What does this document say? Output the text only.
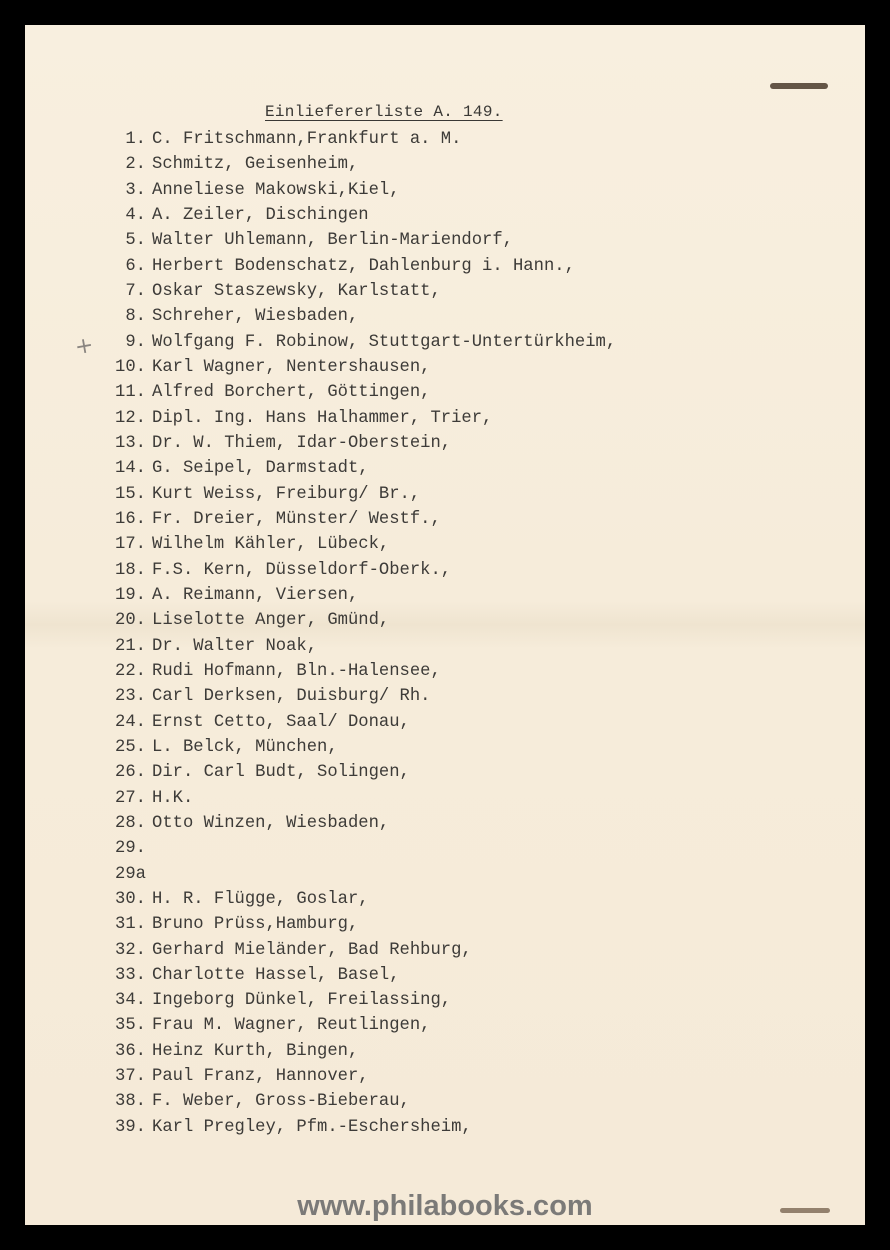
Einliefererliste A. 149.
+
1. C. Fritschmann,Frankfurt a. M.
2. Schmitz, Geisenheim,
3. Anneliese Makowski,Kiel,
4. A. Zeiler, Dischingen
5. Walter Uhlemann, Berlin-Mariendorf,
6. Herbert Bodenschatz, Dahlenburg i. Hann.,
7. Oskar Staszewsky, Karlstatt,
8. Schreher, Wiesbaden,
9. Wolfgang F. Robinow, Stuttgart-Untertürkheim,
10. Karl Wagner, Nentershausen,
11. Alfred Borchert, Göttingen,
12. Dipl. Ing. Hans Halhammer, Trier,
13. Dr. W. Thiem, Idar-Oberstein,
14. G. Seipel, Darmstadt,
15. Kurt Weiss, Freiburg/ Br.,
16. Fr. Dreier, Münster/ Westf.,
17. Wilhelm Kähler, Lübeck,
18. F.S. Kern, Düsseldorf-Oberk.,
19. A. Reimann, Viersen,
20. Liselotte Anger, Gmünd,
21. Dr. Walter Noak,
22. Rudi Hofmann, Bln.-Halensee,
23. Carl Derksen, Duisburg/ Rh.
24. Ernst Cetto, Saal/ Donau,
25. L. Belck, München,
26. Dir. Carl Budt, Solingen,
27. H.K.
28. Otto Winzen, Wiesbaden,
29.
29a
30. H. R. Flügge, Goslar,
31. Bruno Prüss,Hamburg,
32. Gerhard Mieländer, Bad Rehburg,
33. Charlotte Hassel, Basel,
34. Ingeborg Dünkel, Freilassing,
35. Frau M. Wagner, Reutlingen,
36. Heinz Kurth, Bingen,
37. Paul Franz, Hannover,
38. F. Weber, Gross-Bieberau,
39. Karl Pregley, Pfm.-Eschersheim,
www.philabooks.com
